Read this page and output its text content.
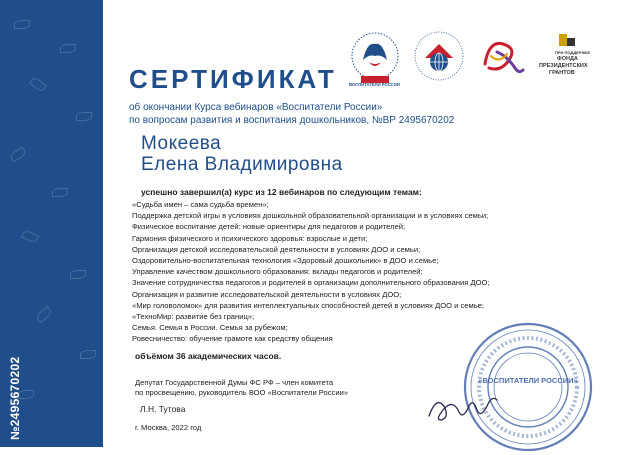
№2495670202
ВОСПИТАТЕЛИ РОССИИ
ПРИ ПОДДЕРЖКЕ
ФОНДА
ПРЕЗИДЕНТСКИХ
ГРАНТОВ
СЕРТИФИКАТ
об окончании Курса вебинаров «Воспитатели России»
по вопросам развития и воспитания дошкольников, №ВР 2495670202
Мокеева
Елена Владимировна
успешно завершил(а) курс из 12 вебинаров по следующим темам:
«Судьба имен – сама судьба времен»;
Поддержка детской игры в условиях дошкольной образовательной организации и в условиях семьи;
Физическое воспитание детей: новые ориентиры для педагогов и родителей;
Гармония физического и психического здоровья: взрослые и дети;
Организация детской исследовательской деятельности в условиях ДОО и семьи;
Оздоровительно-воспитательная технология «Здоровый дошкольник» в ДОО и семье;
Управление качеством дошкольного образования: вклады педагогов и родителей;
Значение сотрудничества педагогов и родителей в организации дополнительного образования ДОО;
Организация и развитие исследовательской деятельности в условиях ДОО;
«Мир головоломок» для развития интеллектуальных способностей детей в условиях ДОО и семье;
«ТехноМир: развитие без границ»;
Семья. Семья в России. Семья за рубежом;
Ровесничество: обучение грамоте как средству общения
объёмом 36 академических часов.
Депутат Государственной Думы ФС РФ – член комитета
по просвещению, руководитель ВОО «Воспитатели России»
Л.Н. Тутова
г. Москва, 2022 год
«ВОСПИТАТЕЛИ РОССИИ»
